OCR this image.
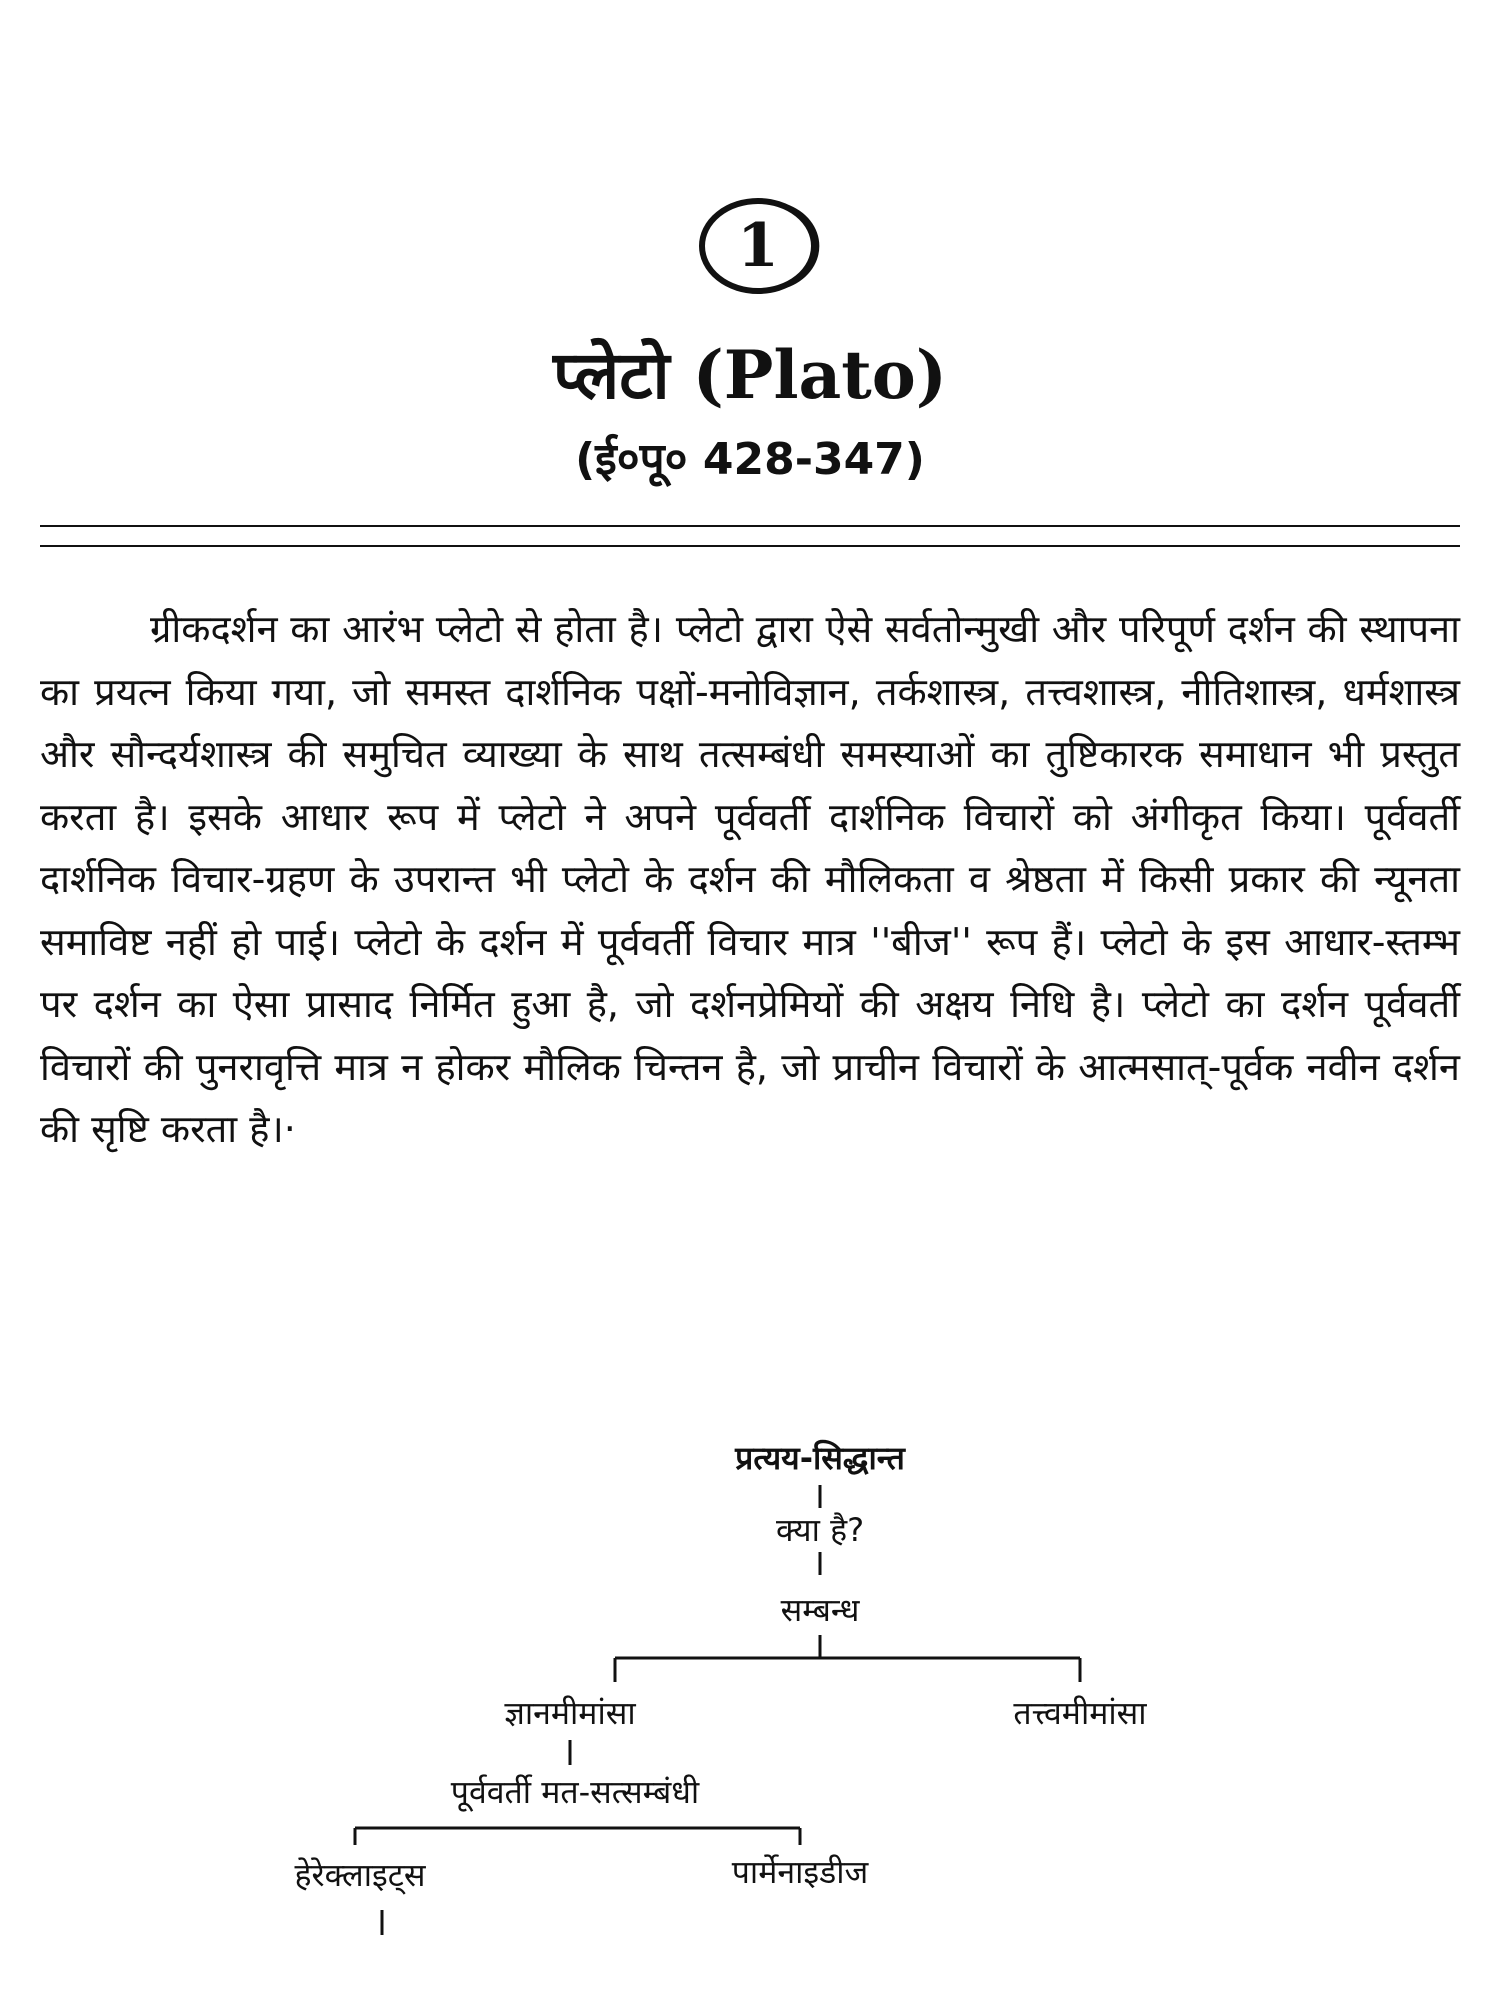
1
प्लेटो (Plato)
(ई०पू० 428-347)

ग्रीकदर्शन का आरंभ प्लेटो से होता है। प्लेटो द्वारा ऐसे सर्वतोन्मुखी और परिपूर्ण दर्शन की स्थापना का प्रयत्न किया गया, जो समस्त दार्शनिक पक्षों-मनोविज्ञान, तर्कशास्त्र, तत्त्वशास्त्र, नीतिशास्त्र, धर्मशास्त्र और सौन्दर्यशास्त्र की समुचित व्याख्या के साथ तत्सम्बंधी समस्याओं का तुष्टिकारक समाधान भी प्रस्तुत करता है। इसके आधार रूप में प्लेटो ने अपने पूर्ववर्ती दार्शनिक विचारों को अंगीकृत किया। पूर्ववर्ती दार्शनिक विचार-ग्रहण के उपरान्त भी प्लेटो के दर्शन की मौलिकता व श्रेष्ठता में किसी प्रकार की न्यूनता समाविष्ट नहीं हो पाई। प्लेटो के दर्शन में पूर्ववर्ती विचार मात्र ''बीज'' रूप हैं। प्लेटो के इस आधार-स्तम्भ पर दर्शन का ऐसा प्रासाद निर्मित हुआ है, जो दर्शनप्रेमियों की अक्षय निधि है। प्लेटो का दर्शन पूर्ववर्ती विचारों की पुनरावृत्ति मात्र न होकर मौलिक चिन्तन है, जो प्राचीन विचारों के आत्मसात्-पूर्वक नवीन दर्शन की सृष्टि करता है।·

प्रत्यय-सिद्धान्त
क्या है?
सम्बन्ध
ज्ञानमीमांसा	तत्त्वमीमांसा
पूर्ववर्ती मत-सत्सम्बंधी
हेरेक्लाइट्स	पार्मेनाइडीज
